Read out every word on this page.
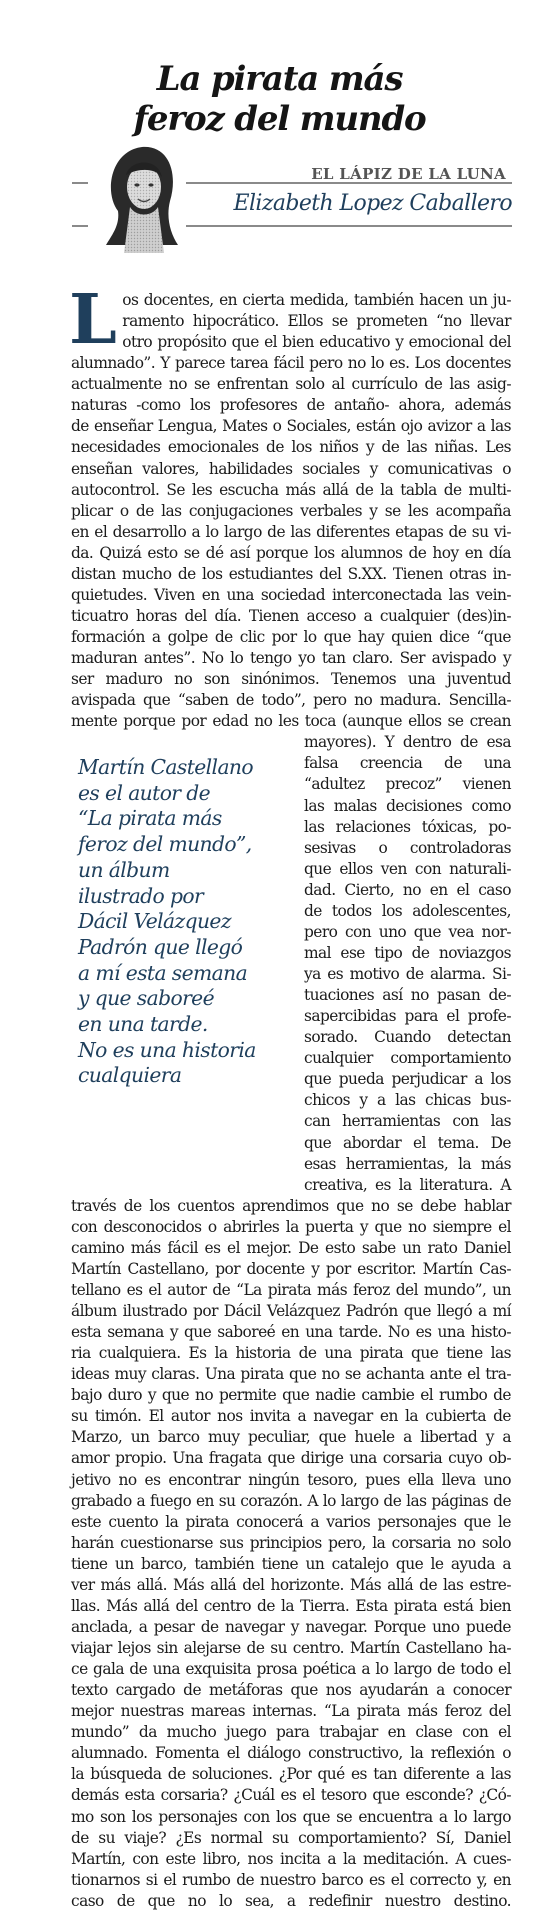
La pirata más
feroz del mundo
EL LÁPIZ DE LA LUNA
Elizabeth Lopez Caballero
L os docentes, en cierta medida, también hacen un ju-

ramento hipocrático. Ellos se prometen “no llevar

otro propósito que el bien educativo y emocional del

alumnado”. Y parece tarea fácil pero no lo es. Los docentes

actualmente no se enfrentan solo al currículo de las asig-

naturas -como los profesores de antaño- ahora, además

de enseñar Lengua, Mates o Sociales, están ojo avizor a las

necesidades emocionales de los niños y de las niñas. Les

enseñan valores, habilidades sociales y comunicativas o

autocontrol. Se les escucha más allá de la tabla de multi-

plicar o de las conjugaciones verbales y se les acompaña

en el desarrollo a lo largo de las diferentes etapas de su vi-

da. Quizá esto se dé así porque los alumnos de hoy en día

distan mucho de los estudiantes del S.XX. Tienen otras in-

quietudes. Viven en una sociedad interconectada las vein-

ticuatro horas del día. Tienen acceso a cualquier (des)in-

formación a golpe de clic por lo que hay quien dice “que

maduran antes”. No lo tengo yo tan claro. Ser avispado y

ser maduro no son sinónimos. Tenemos una juventud

avispada que “saben de todo”, pero no madura. Sencilla-

mente porque por edad no les toca (aunque ellos se crean

mayores). Y dentro de esa

falsa creencia de una

“adultez precoz” vienen

las malas decisiones como

las relaciones tóxicas, po-

sesivas o controladoras

que ellos ven con naturali-

dad. Cierto, no en el caso

de todos los adolescentes,

pero con uno que vea nor-

mal ese tipo de noviazgos

ya es motivo de alarma. Si-

tuaciones así no pasan de-

sapercibidas para el profe-

sorado. Cuando detectan

cualquier comportamiento

que pueda perjudicar a los

chicos y a las chicas bus-

can herramientas con las

que abordar el tema. De

esas herramientas, la más

creativa, es la literatura. A

través de los cuentos aprendimos que no se debe hablar

con desconocidos o abrirles la puerta y que no siempre el

camino más fácil es el mejor. De esto sabe un rato Daniel

Martín Castellano, por docente y por escritor. Martín Cas-

tellano es el autor de “La pirata más feroz del mundo”, un

álbum ilustrado por Dácil Velázquez Padrón que llegó a mí

esta semana y que saboreé en una tarde. No es una histo-

ria cualquiera. Es la historia de una pirata que tiene las

ideas muy claras. Una pirata que no se achanta ante el tra-

bajo duro y que no permite que nadie cambie el rumbo de

su timón. El autor nos invita a navegar en la cubierta de

Marzo, un barco muy peculiar, que huele a libertad y a

amor propio. Una fragata que dirige una corsaria cuyo ob-

jetivo no es encontrar ningún tesoro, pues ella lleva uno

grabado a fuego en su corazón. A lo largo de las páginas de

este cuento la pirata conocerá a varios personajes que le

harán cuestionarse sus principios pero, la corsaria no solo

tiene un barco, también tiene un catalejo que le ayuda a

ver más allá. Más allá del horizonte. Más allá de las estre-

llas. Más allá del centro de la Tierra. Esta pirata está bien

anclada, a pesar de navegar y navegar. Porque uno puede

viajar lejos sin alejarse de su centro. Martín Castellano ha-

ce gala de una exquisita prosa poética a lo largo de todo el

texto cargado de metáforas que nos ayudarán a conocer

mejor nuestras mareas internas. “La pirata más feroz del

mundo” da mucho juego para trabajar en clase con el

alumnado. Fomenta el diálogo constructivo, la reflexión o

la búsqueda de soluciones. ¿Por qué es tan diferente a las

demás esta corsaria? ¿Cuál es el tesoro que esconde? ¿Có-

mo son los personajes con los que se encuentra a lo largo

de su viaje? ¿Es normal su comportamiento? Sí, Daniel

Martín, con este libro, nos incita a la meditación. A cues-

tionarnos si el rumbo de nuestro barco es el correcto y, en

caso de que no lo sea, a redefinir nuestro destino.

Martín Castellano

es el autor de

“La pirata más

feroz del mundo”,

un álbum

ilustrado por

Dácil Velázquez

Padrón que llegó

a mí esta semana

y que saboreé

en una tarde.

No es una historia

cualquiera
